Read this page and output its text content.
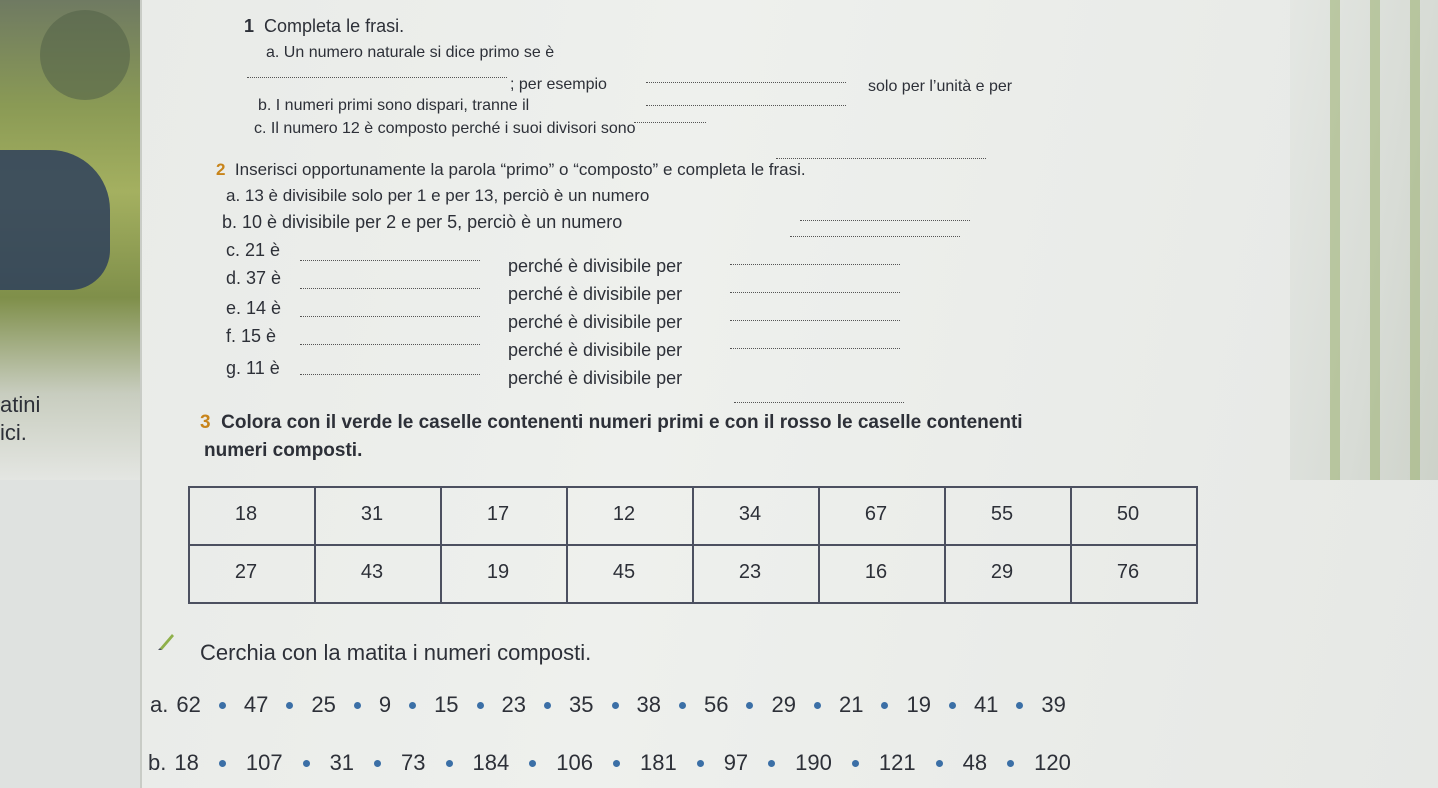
atini
ici.
1 Completa le frasi.
a. Un numero naturale si dice primo se è
solo per l’unità e per
; per esempio
b. I numeri primi sono dispari, tranne il
c. Il numero 12 è composto perché i suoi divisori sono
2 Inserisci opportunamente la parola “primo” o “composto” e completa le frasi.
a. 13 è divisibile solo per 1 e per 13, perciò è un numero
b. 10 è divisibile per 2 e per 5, perciò è un numero
c. 21 è
perché è divisibile per
d. 37 è
perché è divisibile per
e. 14 è
perché è divisibile per
f. 15 è
perché è divisibile per
g. 11 è	perché è divisibile per
3 Colora con il verde le caselle contenenti numeri primi e con il rosso le caselle contenenti
numeri composti.
18	31	17	12	34	67	55	50
27	43	19	45	23	16	29	76
Cerchia con la matita i numeri composti.
a. 62 47 25 9 15 23 35 38 56 29 21 19 41 39
b. 18 107 31 73 184 106 181 97 190 121 48 120
